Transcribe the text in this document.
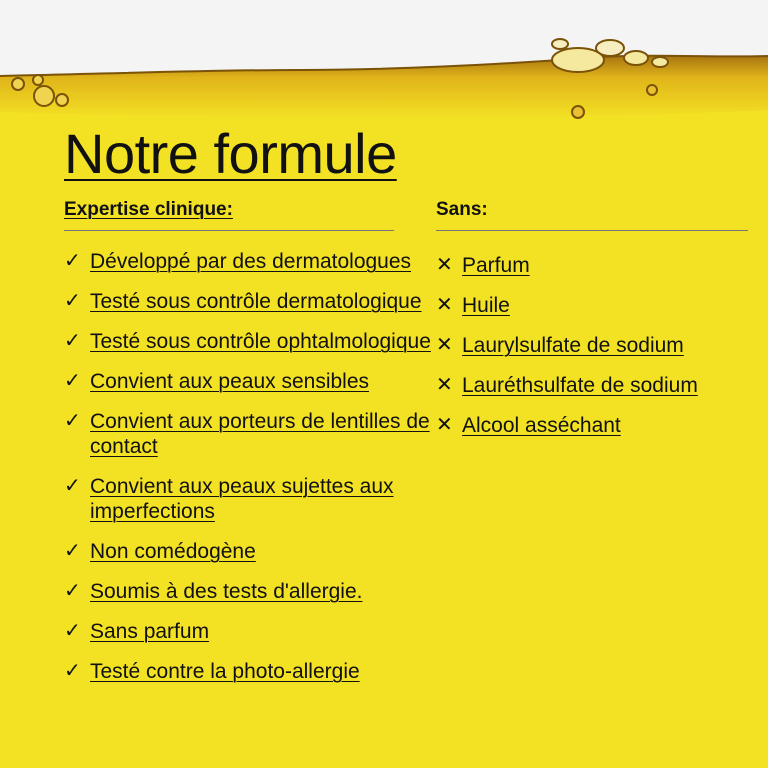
Notre formule
Expertise clinique:
✓ Développé par des dermatologues
✓ Testé sous contrôle dermatologique
✓ Testé sous contrôle ophtalmologique
✓ Convient aux peaux sensibles
✓ Convient aux porteurs de lentilles de contact
✓ Convient aux peaux sujettes aux imperfections
✓ Non comédogène
✓ Soumis à des tests d'allergie.
✓ Sans parfum
✓ Testé contre la photo-allergie
Sans:
✕ Parfum
✕ Huile
✕ Laurylsulfate de sodium
✕ Lauréthsulfate de sodium
✕ Alcool asséchant
